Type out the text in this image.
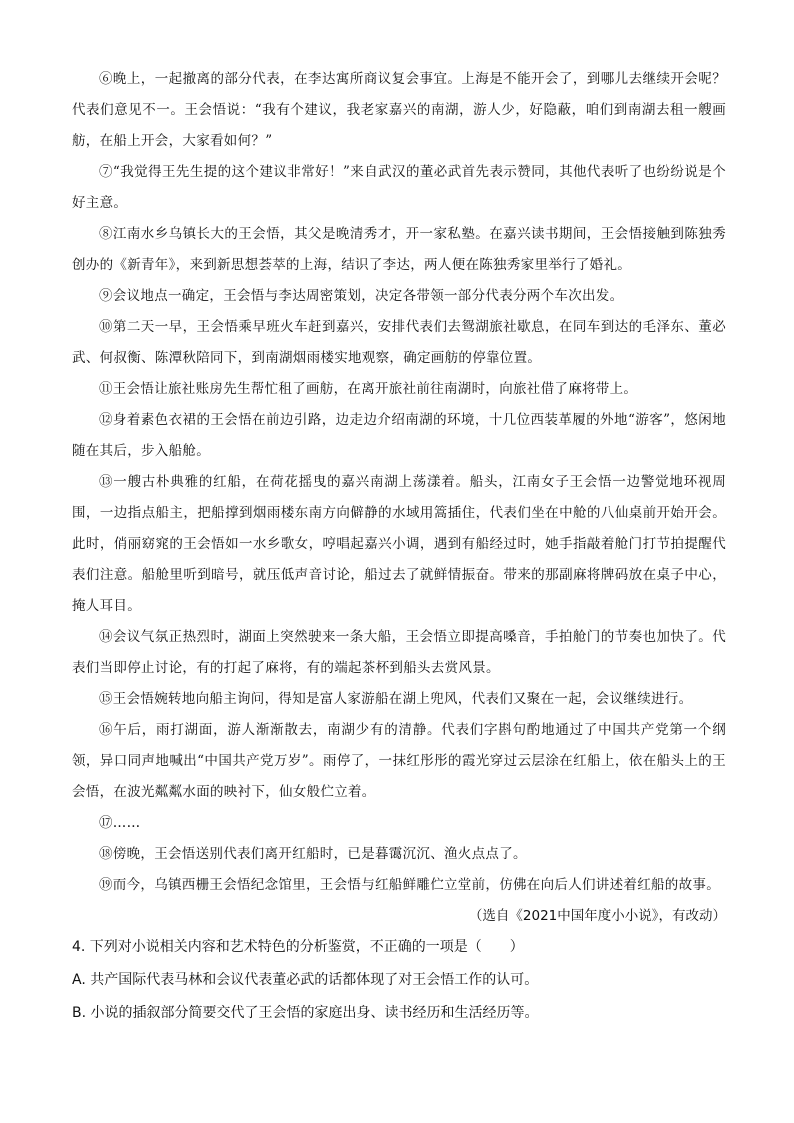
⑥晚上，一起撤离的部分代表，在李达寓所商议复会事宜。上海是不能开会了，到哪儿去继续开会呢？代表们意见不一。王会悟说：“我有个建议，我老家嘉兴的南湖，游人少，好隐蔽，咱们到南湖去租一艘画舫，在船上开会，大家看如何？”
⑦“我觉得王先生提的这个建议非常好！”来自武汉的董必武首先表示赞同，其他代表听了也纷纷说是个好主意。
⑧江南水乡乌镇长大的王会悟，其父是晚清秀才，开一家私塾。在嘉兴读书期间，王会悟接触到陈独秀创办的《新青年》，来到新思想荟萃的上海，结识了李达，两人便在陈独秀家里举行了婚礼。
⑨会议地点一确定，王会悟与李达周密策划，决定各带领一部分代表分两个车次出发。
⑩第二天一早，王会悟乘早班火车赶到嘉兴，安排代表们去鸳湖旅社歇息，在同车到达的毛泽东、董必武、何叔衡、陈潭秋陪同下，到南湖烟雨楼实地观察，确定画舫的停靠位置。
⑪王会悟让旅社账房先生帮忙租了画舫，在离开旅社前往南湖时，向旅社借了麻将带上。
⑫身着素色衣裙的王会悟在前边引路，边走边介绍南湖的环境，十几位西装革履的外地“游客”，悠闲地随在其后，步入船舱。
⑬一艘古朴典雅的红船，在荷花摇曳的嘉兴南湖上荡漾着。船头，江南女子王会悟一边警觉地环视周围，一边指点船主，把船撑到烟雨楼东南方向僻静的水域用篙插住，代表们坐在中舱的八仙桌前开始开会。此时，俏丽窈窕的王会悟如一水乡歌女，哼唱起嘉兴小调，遇到有船经过时，她手指敲着舱门打节拍提醒代表们注意。船舱里听到暗号，就压低声音讨论，船过去了就鲜情振奋。带来的那副麻将牌码放在桌子中心，掩人耳目。
⑭会议气氛正热烈时，湖面上突然驶来一条大船，王会悟立即提高嗓音，手拍舱门的节奏也加快了。代表们当即停止讨论，有的打起了麻将，有的端起茶杯到船头去赏风景。
⑮王会悟婉转地向船主询问，得知是富人家游船在湖上兜风，代表们又聚在一起，会议继续进行。
⑯午后，雨打湖面，游人渐渐散去，南湖少有的清静。代表们字斟句酌地通过了中国共产党第一个纲领，异口同声地喊出“中国共产党万岁”。雨停了，一抹红彤彤的霞光穿过云层涂在红船上，依在船头上的王会悟，在波光粼粼水面的映衬下，仙女般伫立着。
⑰……
⑱傍晚，王会悟送别代表们离开红船时，已是暮霭沉沉、渔火点点了。
⑲而今，乌镇西栅王会悟纪念馆里，王会悟与红船鲜雕伫立堂前，仿佛在向后人们讲述着红船的故事。
（选自《2021中国年度小小说》，有改动）
4. 下列对小说相关内容和艺术特色的分析鉴赏，不正确的一项是（　　）
A. 共产国际代表马林和会议代表董必武的话都体现了对王会悟工作的认可。
B. 小说的插叙部分简要交代了王会悟的家庭出身、读书经历和生活经历等。
